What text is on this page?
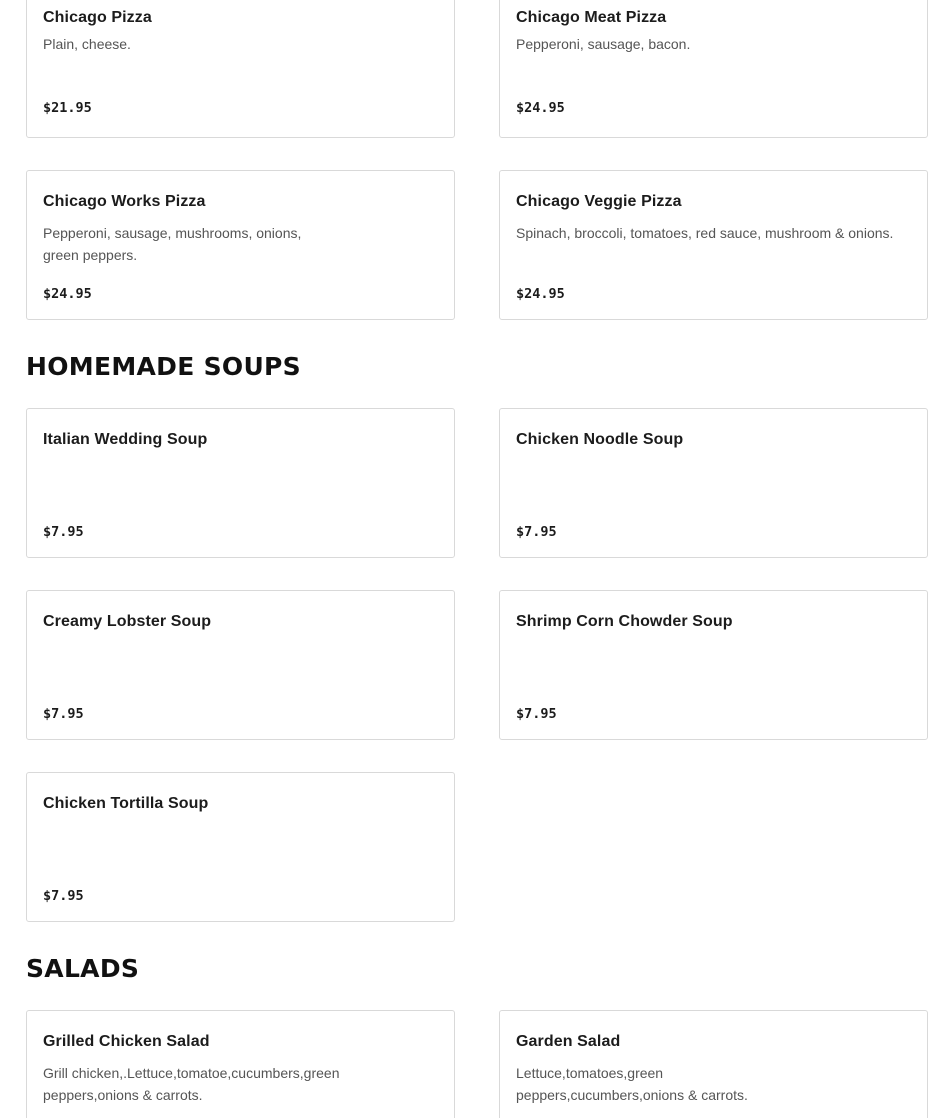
Chicago Pizza
Plain, cheese.
$21.95
Chicago Meat Pizza
Pepperoni, sausage, bacon.
$24.95
Chicago Works Pizza
Pepperoni, sausage, mushrooms, onions, green peppers.
$24.95
Chicago Veggie Pizza
Spinach, broccoli, tomatoes, red sauce, mushroom & onions.
$24.95
HOMEMADE SOUPS
Italian Wedding Soup
$7.95
Chicken Noodle Soup
$7.95
Creamy Lobster Soup
$7.95
Shrimp Corn Chowder Soup
$7.95
Chicken Tortilla Soup
$7.95
SALADS
Grilled Chicken Salad
Grill chicken,.Lettuce,tomatoe,cucumbers,green peppers,onions & carrots.
Garden Salad
Lettuce,tomatoes,green peppers,cucumbers,onions & carrots.
